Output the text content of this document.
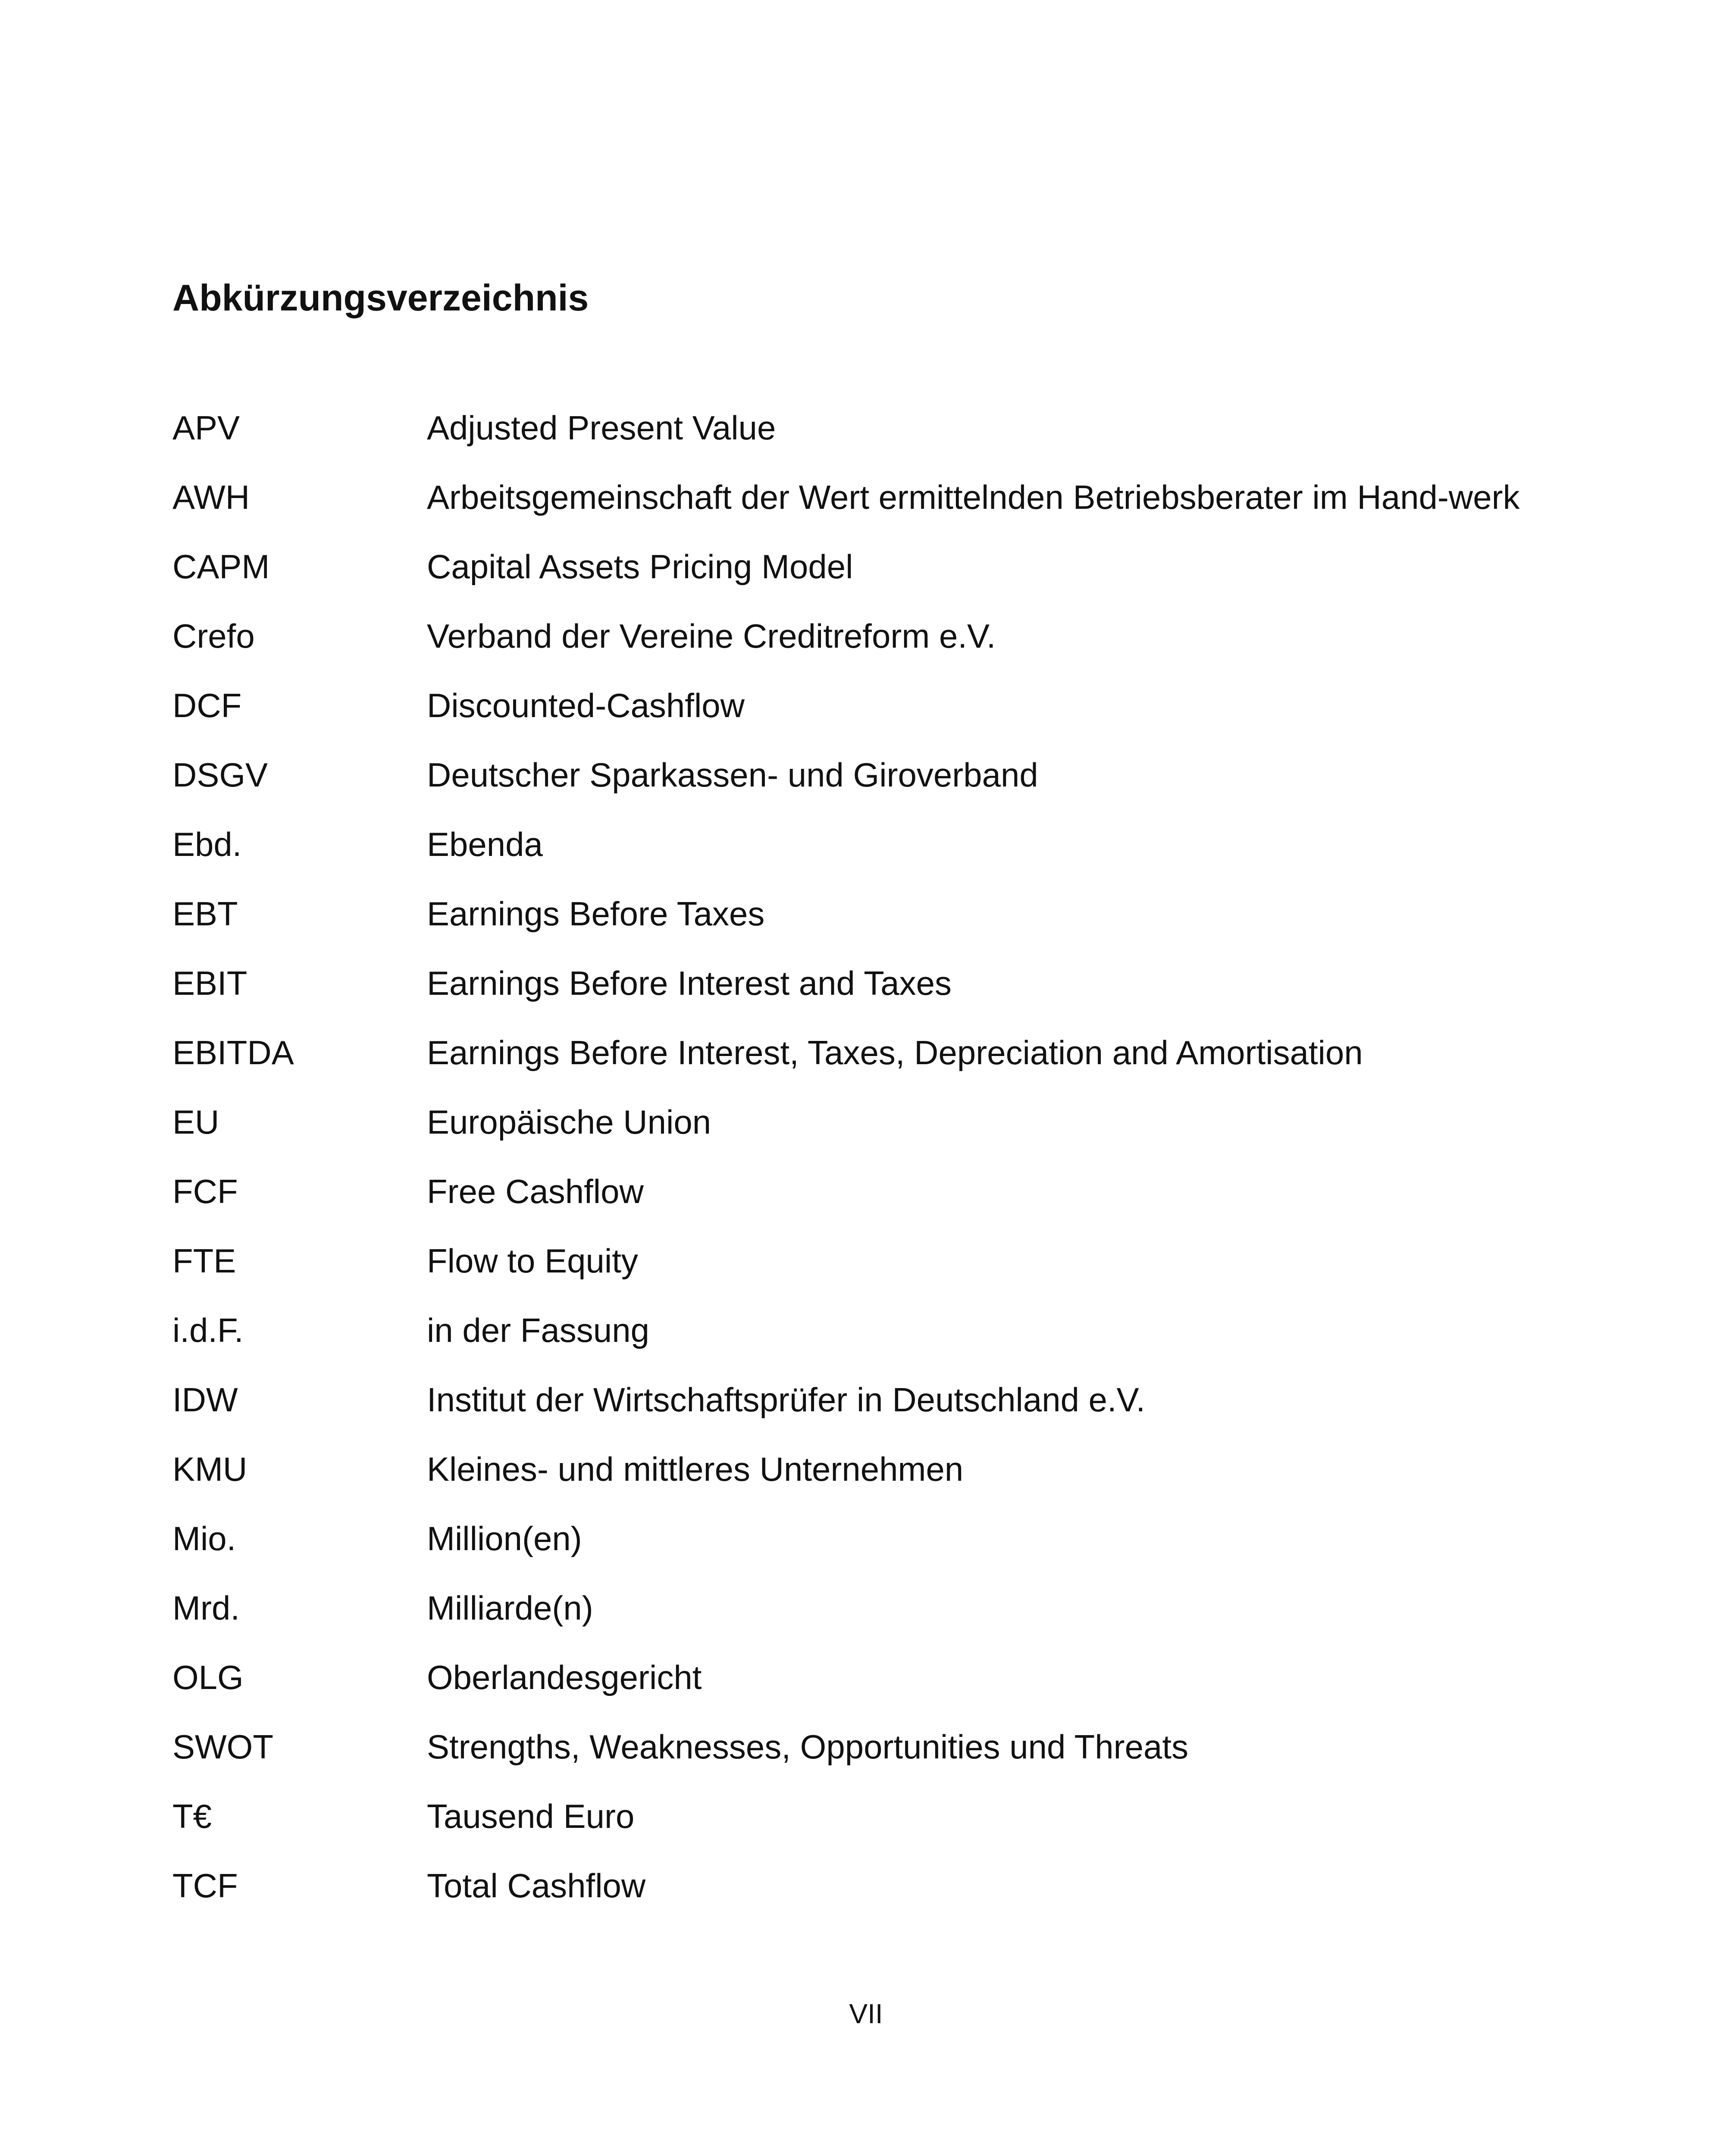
Abkürzungsverzeichnis
APV	Adjusted Present Value
AWH	Arbeitsgemeinschaft der Wert ermittelnden Betriebsberater im Hand-werk
CAPM	Capital Assets Pricing Model
Crefo	Verband der Vereine Creditreform e.V.
DCF	Discounted-Cashflow
DSGV	Deutscher Sparkassen- und Giroverband
Ebd.	Ebenda
EBT	Earnings Before Taxes
EBIT	Earnings Before Interest and Taxes
EBITDA	Earnings Before Interest, Taxes, Depreciation and Amortisation
EU	Europäische Union
FCF	Free Cashflow
FTE	Flow to Equity
i.d.F.	in der Fassung
IDW	Institut der Wirtschaftsprüfer in Deutschland e.V.
KMU	Kleines- und mittleres Unternehmen
Mio.	Million(en)
Mrd.	Milliarde(n)
OLG	Oberlandesgericht
SWOT	Strengths, Weaknesses, Opportunities und Threats
T€	Tausend Euro
TCF	Total Cashflow
VII
